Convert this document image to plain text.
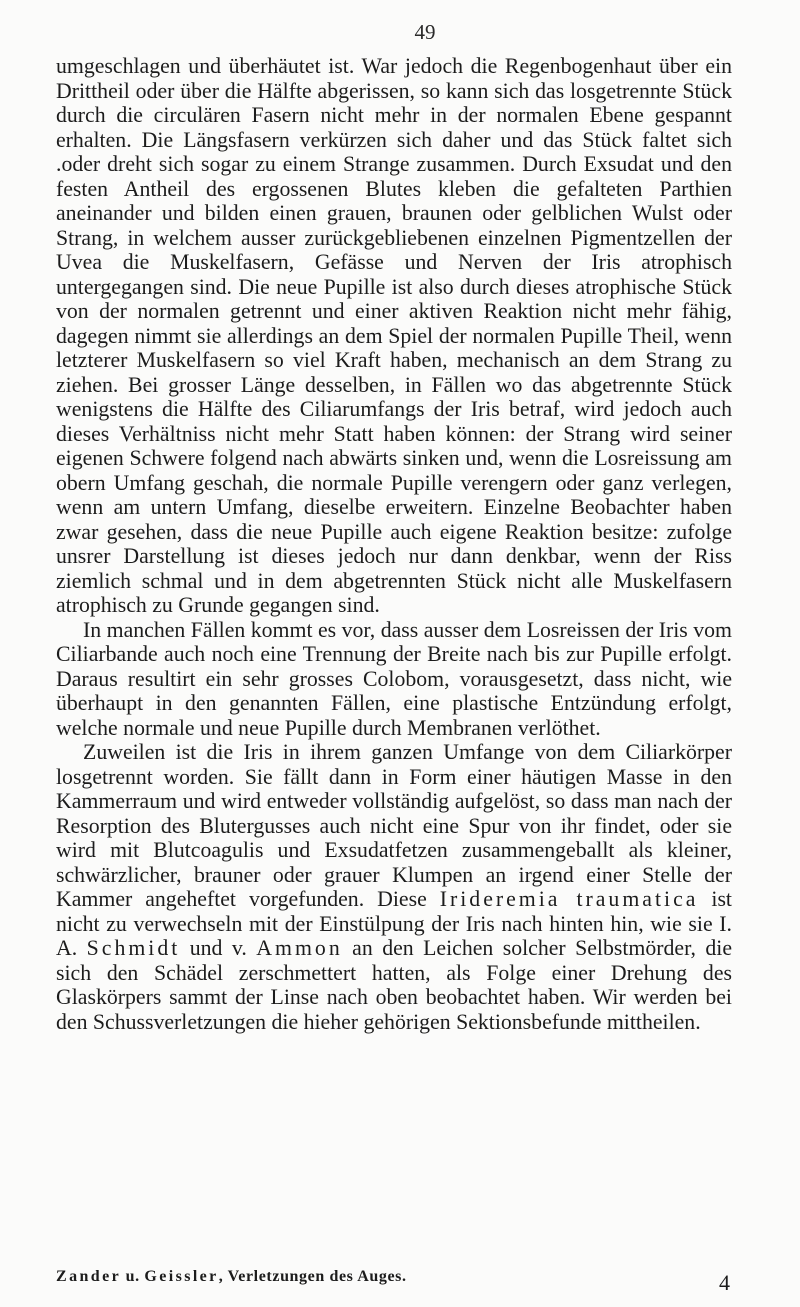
49

umgeschlagen und überhäutet ist. War jedoch die Regenbogenhaut über ein Drittheil oder über die Hälfte abgerissen, so kann sich das losgetrennte Stück durch die circulären Fasern nicht mehr in der normalen Ebene gespannt erhalten. Die Längsfasern verkürzen sich daher und das Stück faltet sich .oder dreht sich sogar zu einem Strange zusammen. Durch Exsudat und den festen Antheil des ergossenen Blutes kleben die gefalteten Parthien aneinander und bilden einen grauen, braunen oder gelblichen Wulst oder Strang, in welchem ausser zurückgebliebenen einzelnen Pigmentzellen der Uvea die Muskelfasern, Gefässe und Nerven der Iris atrophisch untergegangen sind. Die neue Pupille ist also durch dieses atrophische Stück von der normalen getrennt und einer aktiven Reaktion nicht mehr fähig, dagegen nimmt sie allerdings an dem Spiel der normalen Pupille Theil, wenn letzterer Muskelfasern so viel Kraft haben, mechanisch an dem Strang zu ziehen. Bei grosser Länge desselben, in Fällen wo das abgetrennte Stück wenigstens die Hälfte des Ciliarumfangs der Iris betraf, wird jedoch auch dieses Verhältniss nicht mehr Statt haben können: der Strang wird seiner eigenen Schwere folgend nach abwärts sinken und, wenn die Losreissung am obern Umfang geschah, die normale Pupille verengern oder ganz verlegen, wenn am untern Umfang, dieselbe erweitern. Einzelne Beobachter haben zwar gesehen, dass die neue Pupille auch eigene Reaktion besitze: zufolge unsrer Darstellung ist dieses jedoch nur dann denkbar, wenn der Riss ziemlich schmal und in dem abgetrennten Stück nicht alle Muskelfasern atrophisch zu Grunde gegangen sind.

In manchen Fällen kommt es vor, dass ausser dem Losreissen der Iris vom Ciliarbande auch noch eine Trennung der Breite nach bis zur Pupille erfolgt. Daraus resultirt ein sehr grosses Colobom, vorausgesetzt, dass nicht, wie überhaupt in den genannten Fällen, eine plastische Entzündung erfolgt, welche normale und neue Pupille durch Membranen verlöthet.

Zuweilen ist die Iris in ihrem ganzen Umfange von dem Ciliarkörper losgetrennt worden. Sie fällt dann in Form einer häutigen Masse in den Kammerraum und wird entweder vollständig aufgelöst, so dass man nach der Resorption des Blutergusses auch nicht eine Spur von ihr findet, oder sie wird mit Blutcoagulis und Exsudatfetzen zusammengeballt als kleiner, schwärzlicher, brauner oder grauer Klumpen an irgend einer Stelle der Kammer angeheftet vorgefunden. Diese Irideremia traumatica ist nicht zu verwechseln mit der Einstülpung der Iris nach hinten hin, wie sie I. A. Schmidt und v. Ammon an den Leichen solcher Selbstmörder, die sich den Schädel zerschmettert hatten, als Folge einer Drehung des Glaskörpers sammt der Linse nach oben beobachtet haben. Wir werden bei den Schussverletzungen die hieher gehörigen Sektionsbefunde mittheilen.

Zander u. Geissler, Verletzungen des Auges.	4
